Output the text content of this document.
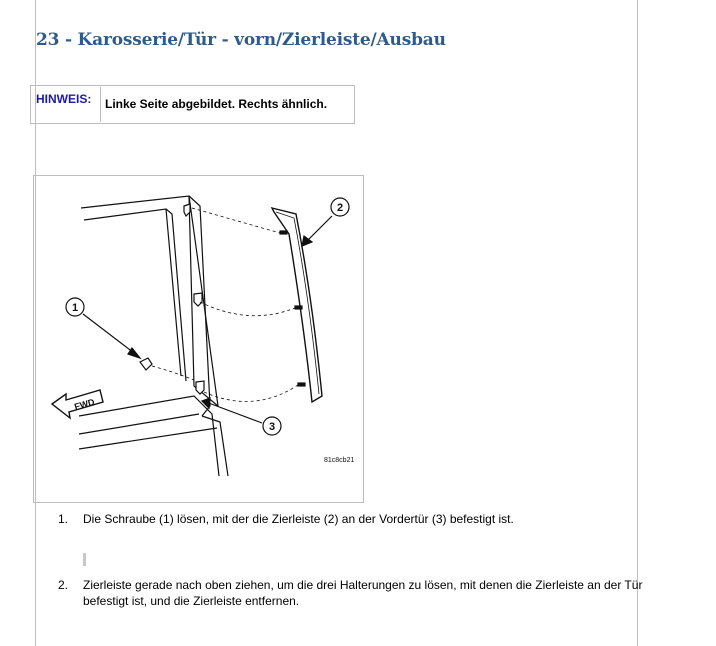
23 - Karosserie/Tür - vorn/Zierleiste/Ausbau
HINWEIS:	Linke Seite abgebildet. Rechts ähnlich.
1
2
3
FWD
81c8cb21
1. Die Schraube (1) lösen, mit der die Zierleiste (2) an der Vordertür (3) befestigt ist.
2. Zierleiste gerade nach oben ziehen, um die drei Halterungen zu lösen, mit denen die Zierleiste an der Tür befestigt ist, und die Zierleiste entfernen.
